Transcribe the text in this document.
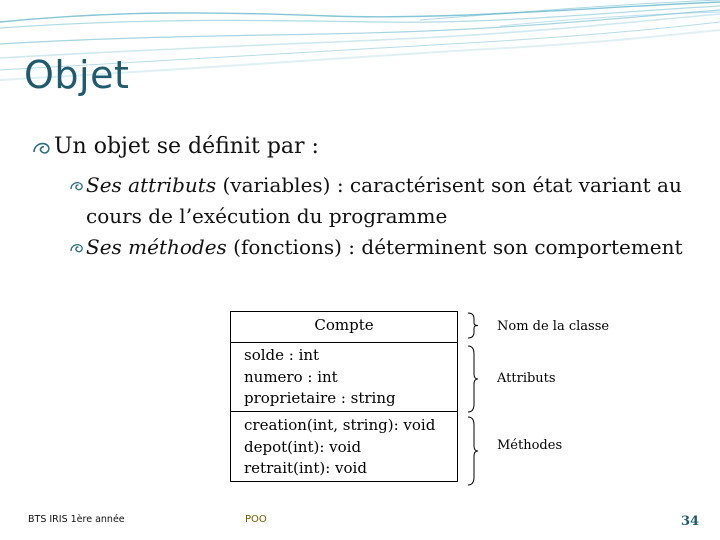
Objet
Un objet se définit par :
Ses attributs (variables) : caractérisent son état variant au cours de l’exécution du programme
Ses méthodes (fonctions) : déterminent son comportement
Compte
solde : int
numero : int
proprietaire : string
creation(int, string): void
depot(int): void
retrait(int): void
Nom de la classe
Attributs
Méthodes
BTS IRIS 1ère année	POO	34
